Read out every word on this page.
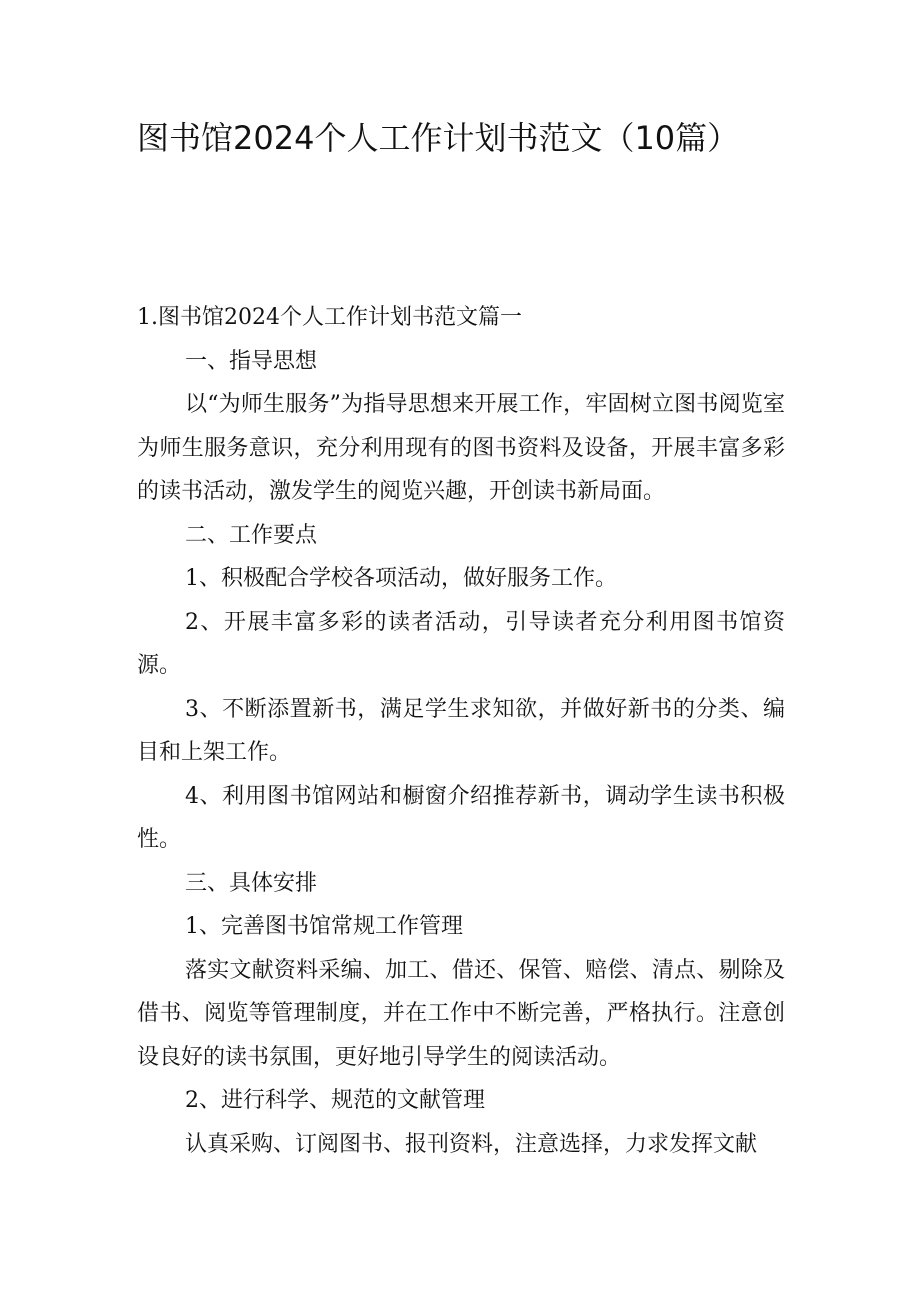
图书馆2024个人工作计划书范文（10篇）

1.图书馆2024个人工作计划书范文篇一

一、指导思想

以“为师生服务”为指导思想来开展工作，牢固树立图书阅览室为师生服务意识，充分利用现有的图书资料及设备，开展丰富多彩的读书活动，激发学生的阅览兴趣，开创读书新局面。

二、工作要点

1、积极配合学校各项活动，做好服务工作。

2、开展丰富多彩的读者活动，引导读者充分利用图书馆资源。

3、不断添置新书，满足学生求知欲，并做好新书的分类、编目和上架工作。

4、利用图书馆网站和橱窗介绍推荐新书，调动学生读书积极性。

三、具体安排

1、完善图书馆常规工作管理

落实文献资料采编、加工、借还、保管、赔偿、清点、剔除及借书、阅览等管理制度，并在工作中不断完善，严格执行。注意创设良好的读书氛围，更好地引导学生的阅读活动。

2、进行科学、规范的文献管理

认真采购、订阅图书、报刊资料，注意选择，力求发挥文献
